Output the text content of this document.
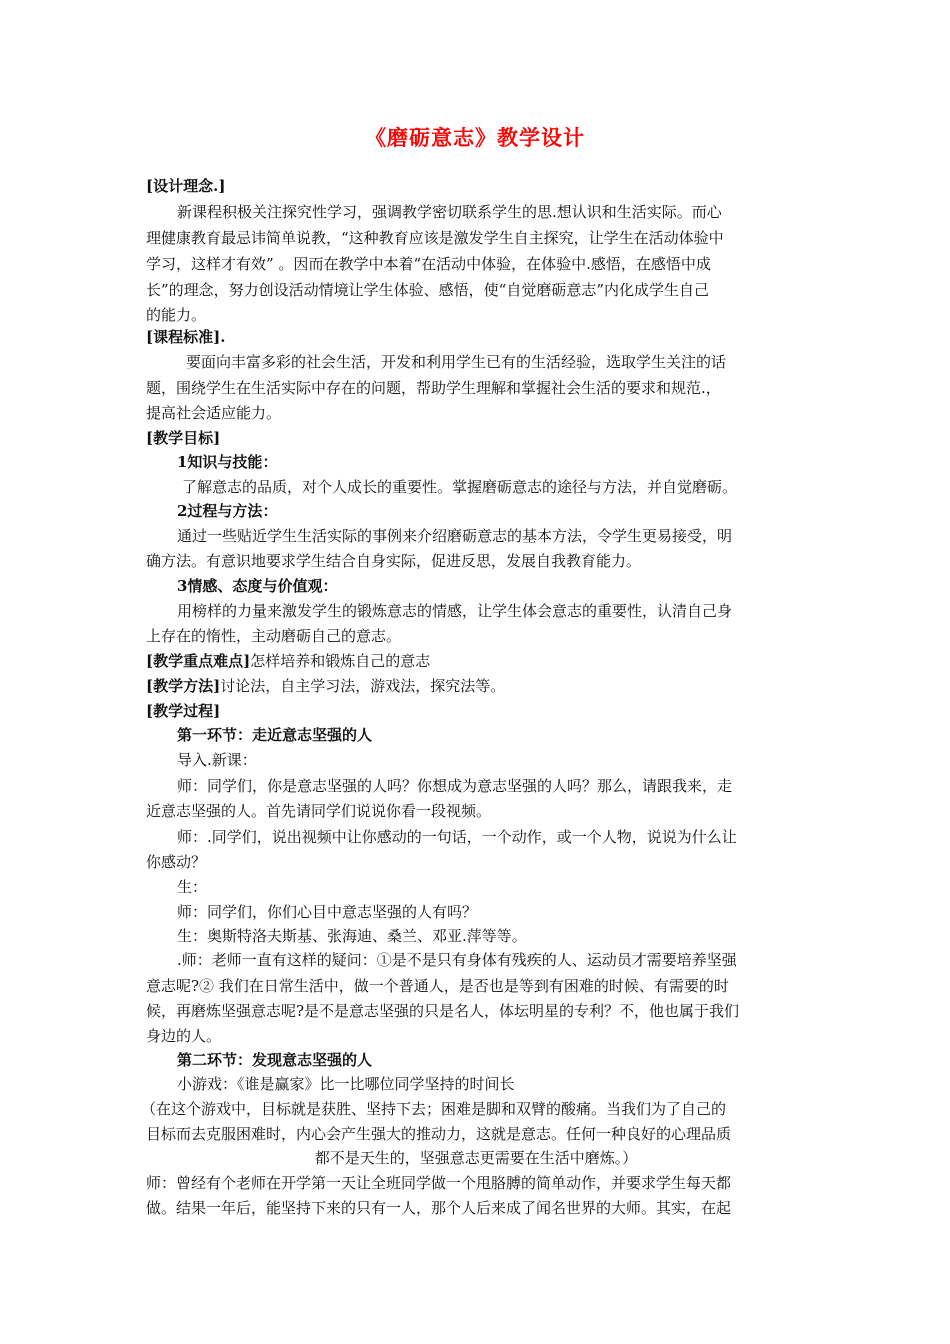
《磨砺意志》教学设计
[设计理念.]
新课程积极关注探究性学习，强调教学密切联系学生的思.想认识和生活实际。而心
理健康教育最忌讳简单说教，“这种教育应该是激发学生自主探究，让学生在活动体验中
学习，这样才有效” 。因而在教学中本着“在活动中体验，在体验中.感悟，在感悟中成
长”的理念，努力创设活动情境让学生体验、感悟，使“自觉磨砺意志”内化成学生自己
的能力。
[课程标准].
要面向丰富多彩的社会生活，开发和利用学生已有的生活经验，选取学生关注的话
题，围绕学生在生活实际中存在的问题，帮助学生理解和掌握社会生活的要求和规范.，
提高社会适应能力。
[教学目标]
1知识与技能：
了解意志的品质，对个人成长的重要性。掌握磨砺意志的途径与方法，并自觉磨砺。
2过程与方法：
通过一些贴近学生生活实际的事例来介绍磨砺意志的基本方法，令学生更易接受，明
确方法。有意识地要求学生结合自身实际，促进反思，发展自我教育能力。
3情感、态度与价值观：
用榜样的力量来激发学生的锻炼意志的情感，让学生体会意志的重要性，认清自己身
上存在的惰性，主动磨砺自己的意志。
[教学重点难点]怎样培养和锻炼自己的意志
[教学方法]讨论法，自主学习法，游戏法，探究法等。
[教学过程]
第一环节：走近意志坚强的人
导入.新课：
师：同学们，你是意志坚强的人吗？你想成为意志坚强的人吗？那么，请跟我来，走
近意志坚强的人。首先请同学们说说你看一段视频。
师：.同学们，说出视频中让你感动的一句话，一个动作，或一个人物，说说为什么让
你感动？
生：
师：同学们，你们心目中意志坚强的人有吗？
生：奥斯特洛夫斯基、张海迪、桑兰、邓亚.萍等等。
.师：老师一直有这样的疑问：①是不是只有身体有残疾的人、运动员才需要培养坚强
意志呢?② 我们在日常生活中，做一个普通人，是否也是等到有困难的时候、有需要的时
候，再磨炼坚强意志呢?是不是意志坚强的只是名人，体坛明星的专利？不，他也属于我们
身边的人。
第二环节：发现意志坚强的人
小游戏：《谁是赢家》比一比哪位同学坚持的时间长
（在这个游戏中，目标就是获胜、坚持下去；困难是脚和双臂的酸痛。当我们为了自己的
目标而去克服困难时，内心会产生强大的推动力，这就是意志。任何一种良好的心理品质
都不是天生的，坚强意志更需要在生活中磨炼。）
师：曾经有个老师在开学第一天让全班同学做一个甩胳膊的简单动作，并要求学生每天都
做。结果一年后，能坚持下来的只有一人，那个人后来成了闻名世界的大师。其实，在起
